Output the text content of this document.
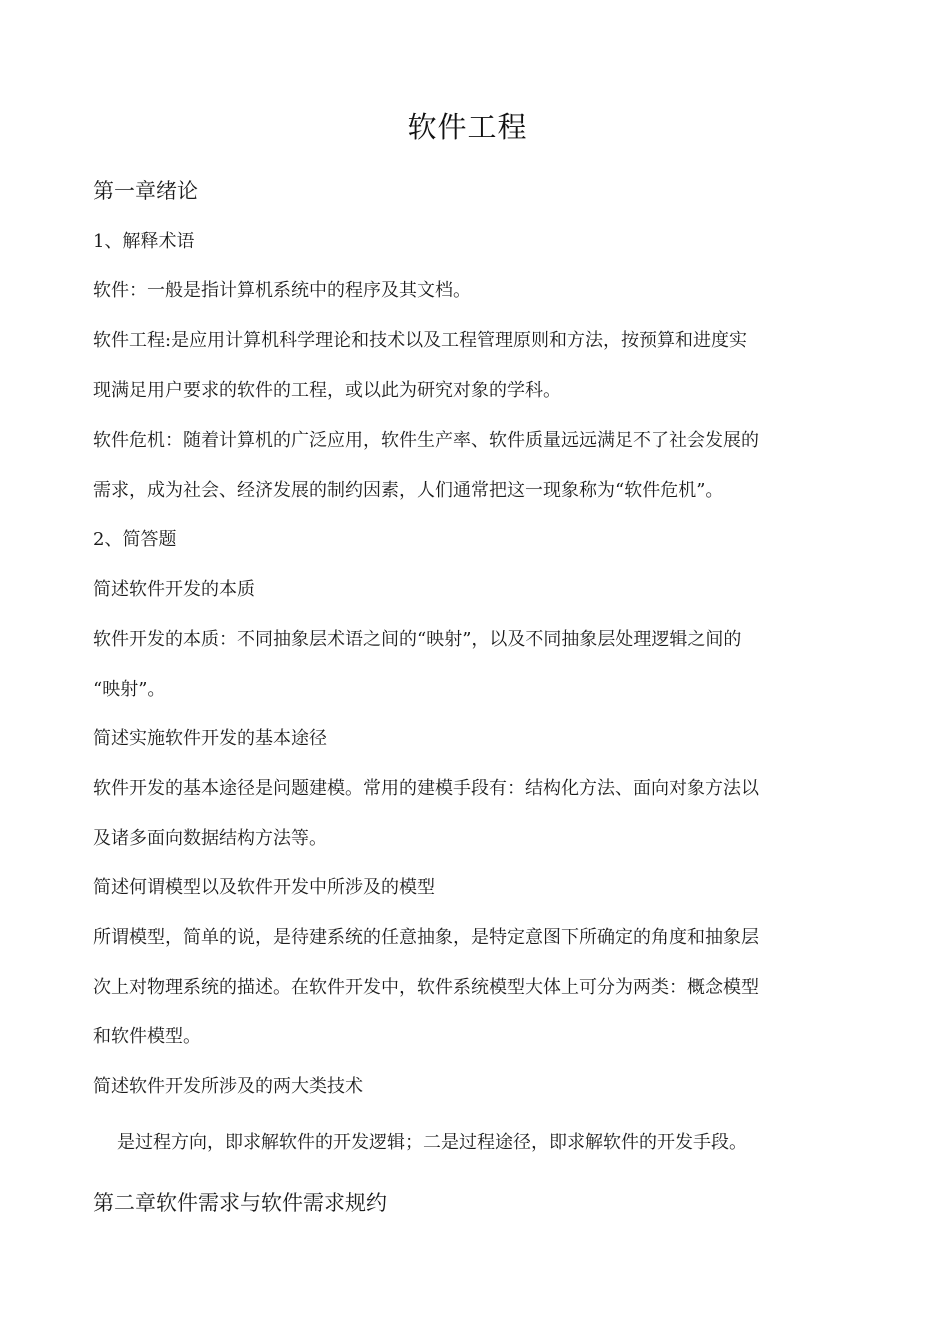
软件工程
第一章绪论
1、解释术语
软件：一般是指计算机系统中的程序及其文档。
软件工程:是应用计算机科学理论和技术以及工程管理原则和方法，按预算和进度实
现满足用户要求的软件的工程，或以此为研究对象的学科。
软件危机：随着计算机的广泛应用，软件生产率、软件质量远远满足不了社会发展的
需求，成为社会、经济发展的制约因素，人们通常把这一现象称为“软件危机”。
2、简答题
简述软件开发的本质
软件开发的本质：不同抽象层术语之间的“映射”，以及不同抽象层处理逻辑之间的
“映射”。
简述实施软件开发的基本途径
软件开发的基本途径是问题建模。常用的建模手段有：结构化方法、面向对象方法以
及诸多面向数据结构方法等。
简述何谓模型以及软件开发中所涉及的模型
所谓模型，简单的说，是待建系统的任意抽象，是特定意图下所确定的角度和抽象层
次上对物理系统的描述。在软件开发中，软件系统模型大体上可分为两类：概念模型
和软件模型。
简述软件开发所涉及的两大类技术
是过程方向，即求解软件的开发逻辑；二是过程途径，即求解软件的开发手段。
第二章软件需求与软件需求规约
